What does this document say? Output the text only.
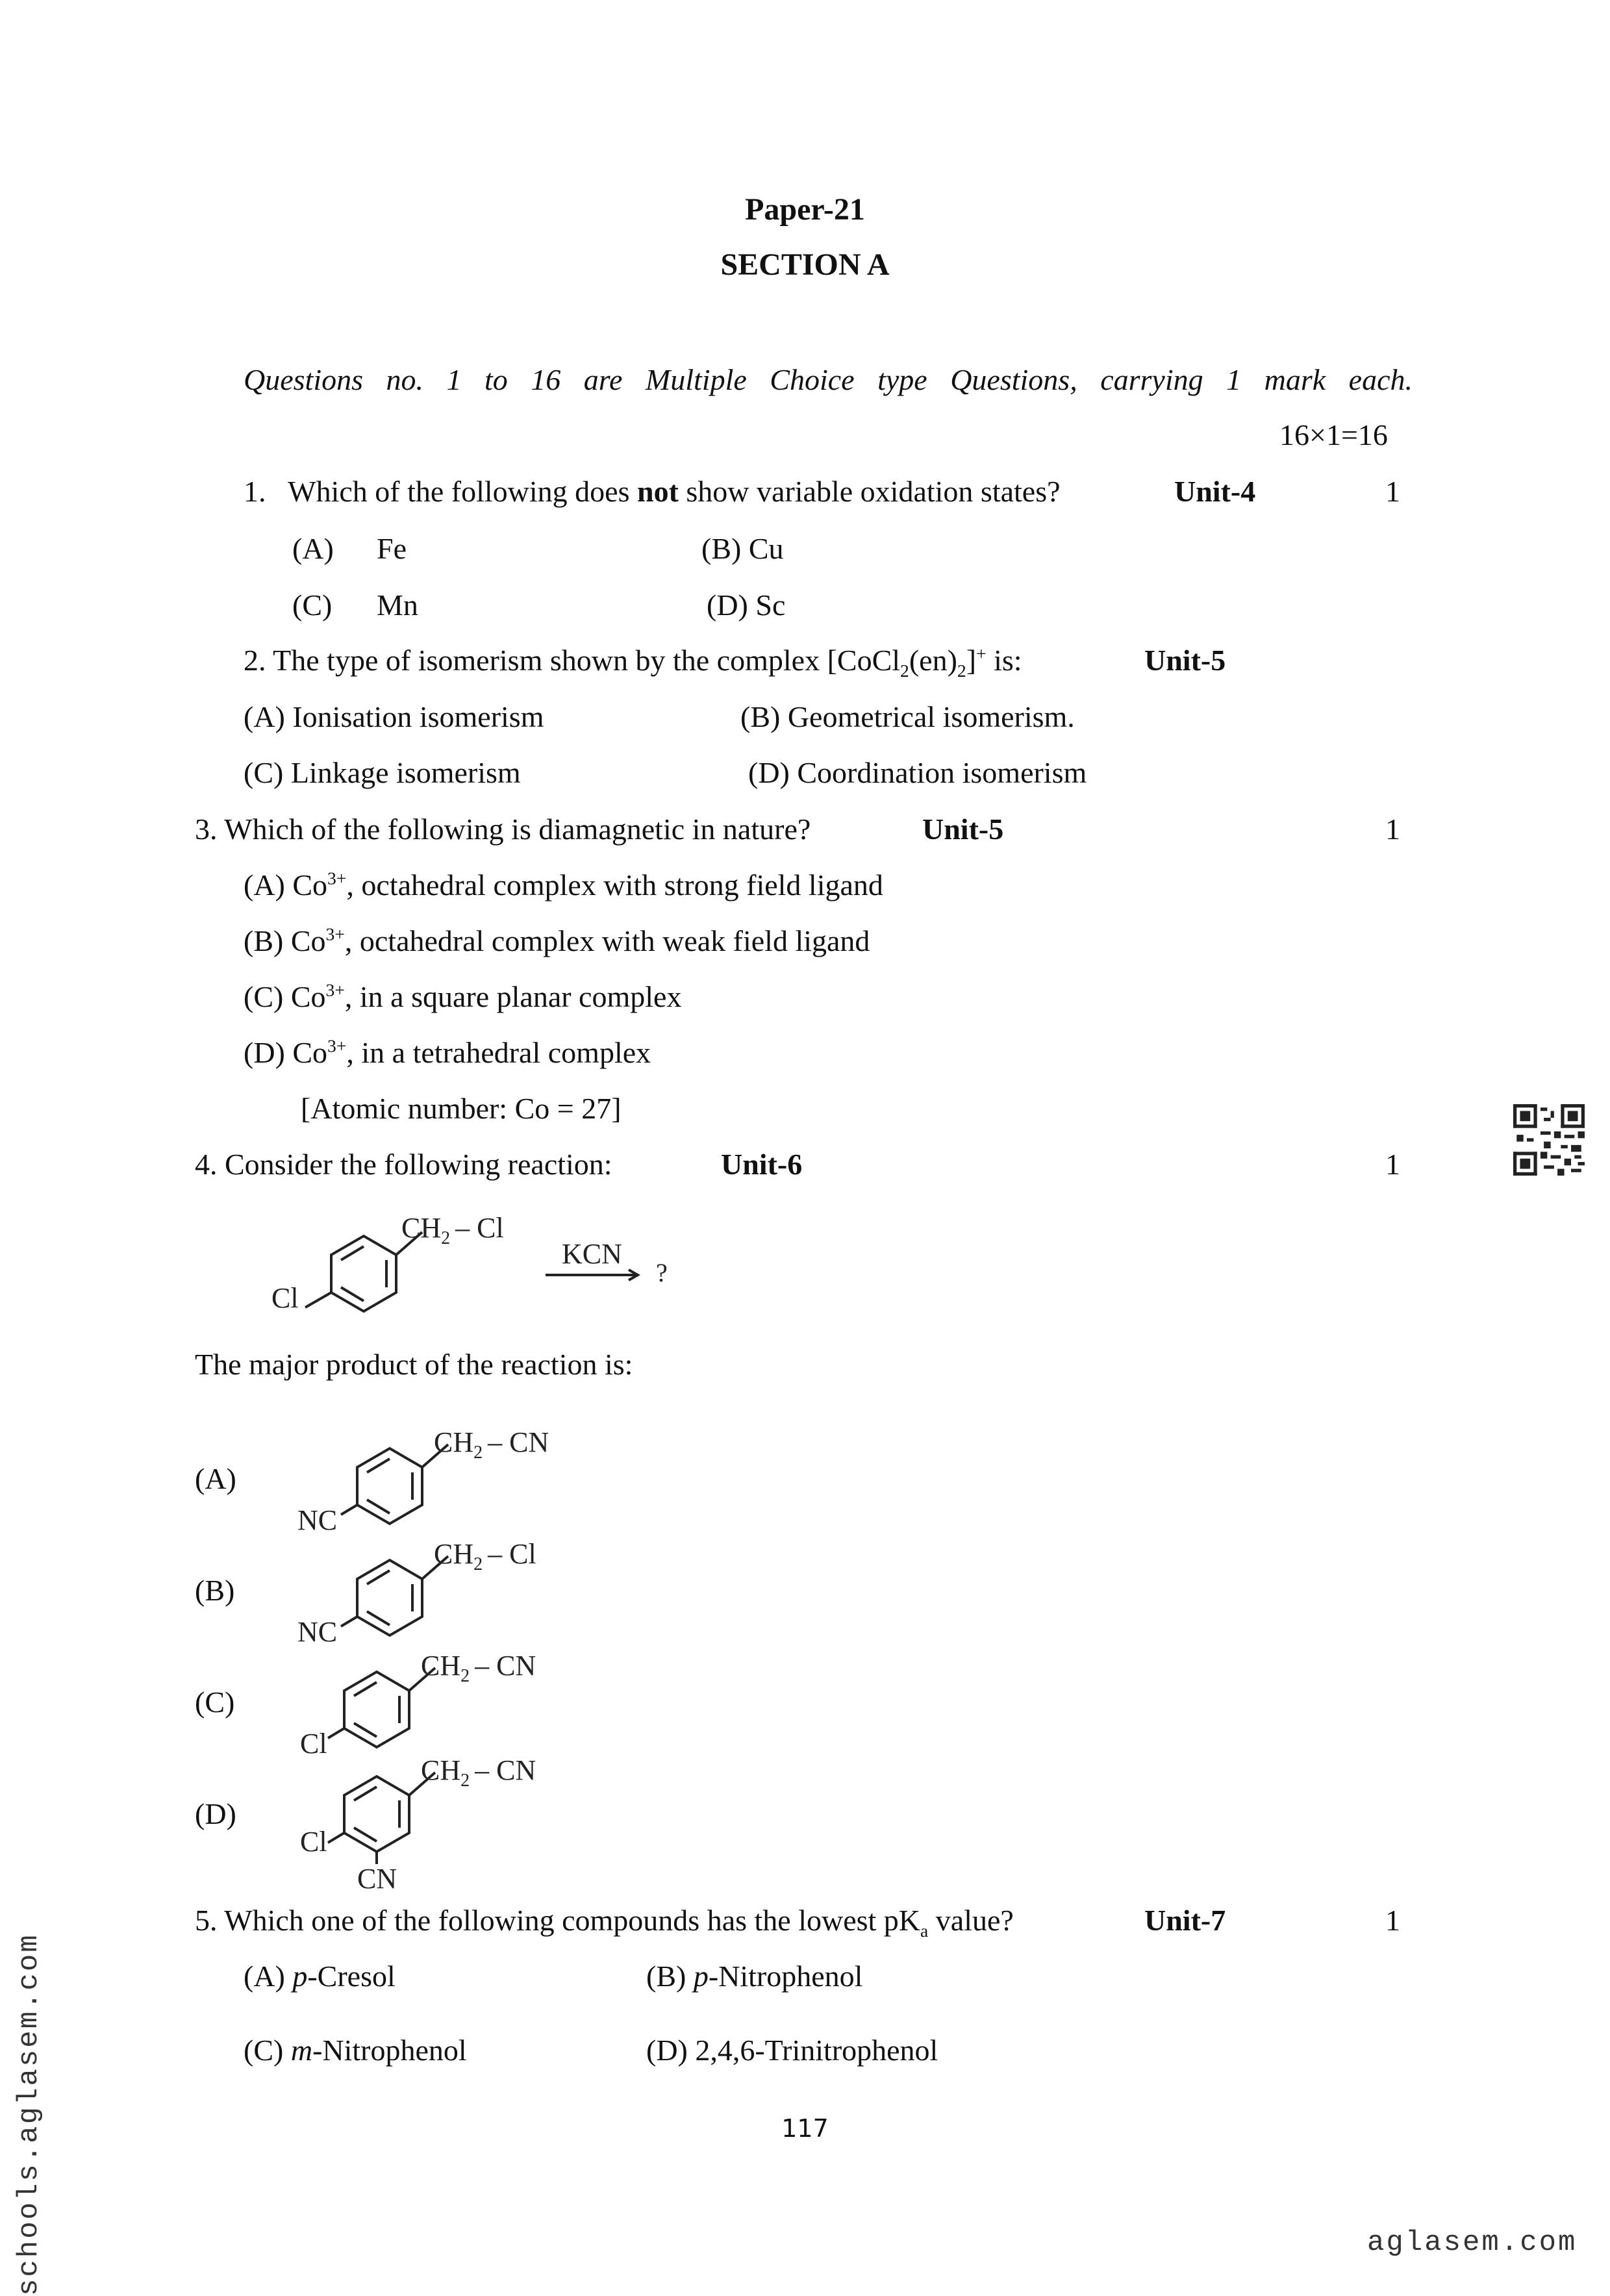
Paper-21
SECTION A
Questions no. 1 to 16 are Multiple Choice type Questions, carrying 1 mark each.
16×1=16
1. Which of the following does not show variable oxidation states?	Unit-4	1
(A) Fe	(B) Cu
(C) Mn	(D) Sc
2. The type of isomerism shown by the complex $[CoCl_2(en)_2]^+$ is:	Unit-5
(A) Ionisation isomerism	(B) Geometrical isomerism.
(C) Linkage isomerism	(D) Coordination isomerism
3. Which of the following is diamagnetic in nature?	Unit-5	1
(A) $Co^{3+}$, octahedral complex with strong field ligand
(B) $Co^{3+}$, octahedral complex with weak field ligand
(C) $Co^{3+}$, in a square planar complex
(D) $Co^{3+}$, in a tetrahedral complex
[Atomic number: Co = 27]
4. Consider the following reaction:	Unit-6	1
$CH_2$ – Cl
Cl
KCN
?
The major product of the reaction is:
(A)
$CH_2$ – CN
NC
(B)
$CH_2$ – Cl
NC
(C)
$CH_2$ – CN
Cl
(D)
$CH_2$ – CN
Cl
CN
5. Which one of the following compounds has the lowest $pK_a$ value?	Unit-7	1
(A) p-Cresol	(B) p-Nitrophenol
(C) m-Nitrophenol	(D) 2,4,6-Trinitrophenol
117
schools.aglasem.com	aglasem.com
